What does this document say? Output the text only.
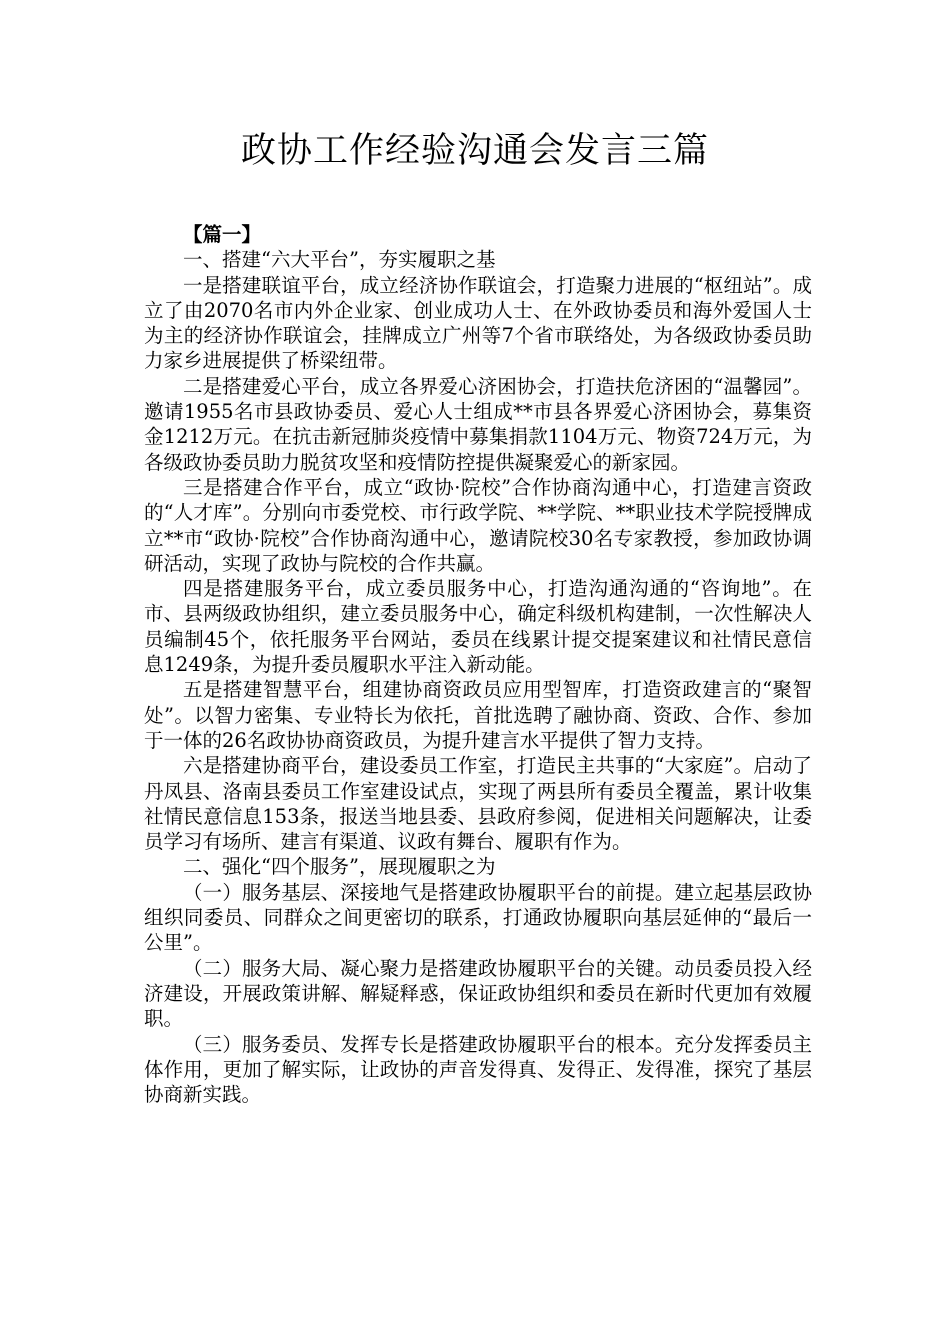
政协工作经验沟通会发言三篇

【篇一】

一、搭建“六大平台”，夯实履职之基

一是搭建联谊平台，成立经济协作联谊会，打造聚力进展的“枢纽站”。成立了由2070名市内外企业家、创业成功人士、在外政协委员和海外爱国人士为主的经济协作联谊会，挂牌成立广州等7个省市联络处，为各级政协委员助力家乡进展提供了桥梁纽带。

二是搭建爱心平台，成立各界爱心济困协会，打造扶危济困的“温馨园”。邀请1955名市县政协委员、爱心人士组成**市县各界爱心济困协会，募集资金1212万元。在抗击新冠肺炎疫情中募集捐款1104万元、物资724万元，为各级政协委员助力脱贫攻坚和疫情防控提供凝聚爱心的新家园。

三是搭建合作平台，成立“政协·院校”合作协商沟通中心，打造建言资政的“人才库”。分别向市委党校、市行政学院、**学院、**职业技术学院授牌成立**市“政协·院校”合作协商沟通中心，邀请院校30名专家教授，参加政协调研活动，实现了政协与院校的合作共赢。

四是搭建服务平台，成立委员服务中心，打造沟通沟通的“咨询地”。在市、县两级政协组织，建立委员服务中心，确定科级机构建制，一次性解决人员编制45个，依托服务平台网站，委员在线累计提交提案建议和社情民意信息1249条，为提升委员履职水平注入新动能。

五是搭建智慧平台，组建协商资政员应用型智库，打造资政建言的“聚智处”。以智力密集、专业特长为依托，首批选聘了融协商、资政、合作、参加于一体的26名政协协商资政员，为提升建言水平提供了智力支持。

六是搭建协商平台，建设委员工作室，打造民主共事的“大家庭”。启动了丹凤县、洛南县委员工作室建设试点，实现了两县所有委员全覆盖，累计收集社情民意信息153条，报送当地县委、县政府参阅，促进相关问题解决，让委员学习有场所、建言有渠道、议政有舞台、履职有作为。

二、强化“四个服务”，展现履职之为

（一）服务基层、深接地气是搭建政协履职平台的前提。建立起基层政协组织同委员、同群众之间更密切的联系，打通政协履职向基层延伸的“最后一公里”。

（二）服务大局、凝心聚力是搭建政协履职平台的关键。动员委员投入经济建设，开展政策讲解、解疑释惑，保证政协组织和委员在新时代更加有效履职。

（三）服务委员、发挥专长是搭建政协履职平台的根本。充分发挥委员主体作用，更加了解实际，让政协的声音发得真、发得正、发得准，探究了基层协商新实践。
